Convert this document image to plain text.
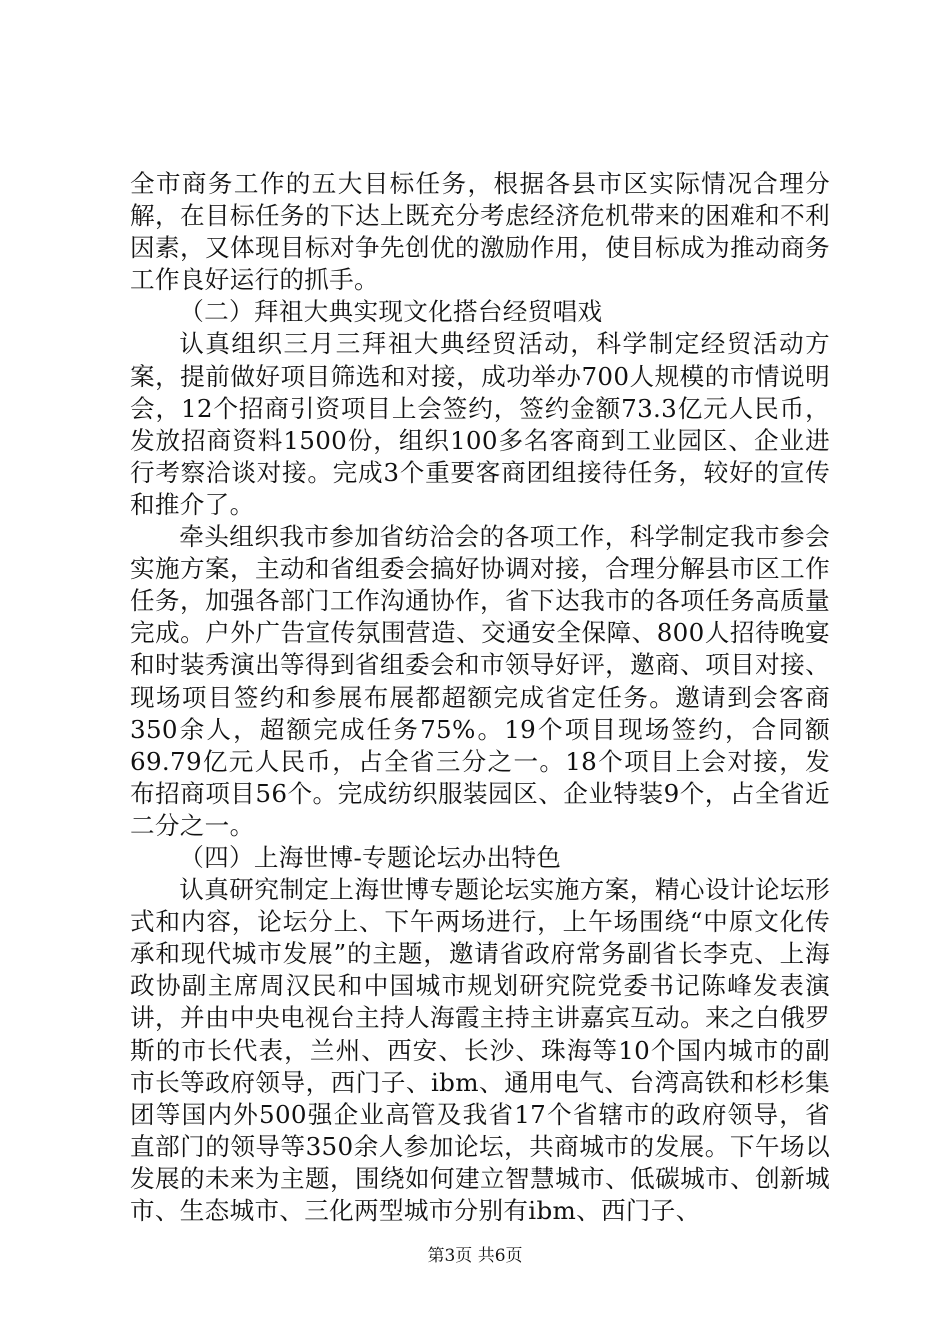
全市商务工作的五大目标任务，根据各县市区实际情况合理分解，在目标任务的下达上既充分考虑经济危机带来的困难和不利因素，又体现目标对争先创优的激励作用，使目标成为推动商务工作良好运行的抓手。

（二）拜祖大典实现文化搭台经贸唱戏

认真组织三月三拜祖大典经贸活动，科学制定经贸活动方案，提前做好项目筛选和对接，成功举办700人规模的市情说明会，12个招商引资项目上会签约，签约金额73.3亿元人民币，发放招商资料1500份，组织100多名客商到工业园区、企业进行考察洽谈对接。完成3个重要客商团组接待任务，较好的宣传和推介了。

牵头组织我市参加省纺洽会的各项工作，科学制定我市参会实施方案，主动和省组委会搞好协调对接，合理分解县市区工作任务，加强各部门工作沟通协作，省下达我市的各项任务高质量完成。户外广告宣传氛围营造、交通安全保障、800人招待晚宴和时装秀演出等得到省组委会和市领导好评，邀商、项目对接、现场项目签约和参展布展都超额完成省定任务。邀请到会客商350余人，超额完成任务75%。19个项目现场签约，合同额69.79亿元人民币，占全省三分之一。18个项目上会对接，发布招商项目56个。完成纺织服装园区、企业特装9个，占全省近二分之一。

（四）上海世博-专题论坛办出特色

认真研究制定上海世博专题论坛实施方案，精心设计论坛形式和内容，论坛分上、下午两场进行，上午场围绕“中原文化传承和现代城市发展”的主题，邀请省政府常务副省长李克、上海政协副主席周汉民和中国城市规划研究院党委书记陈峰发表演讲，并由中央电视台主持人海霞主持主讲嘉宾互动。来之白俄罗斯的市长代表，兰州、西安、长沙、珠海等10个国内城市的副市长等政府领导，西门子、ibm、通用电气、台湾高铁和杉杉集团等国内外500强企业高管及我省17个省辖市的政府领导，省直部门的领导等350余人参加论坛，共商城市的发展。下午场以发展的未来为主题，围绕如何建立智慧城市、低碳城市、创新城市、生态城市、三化两型城市分别有ibm、西门子、

第3页 共6页
